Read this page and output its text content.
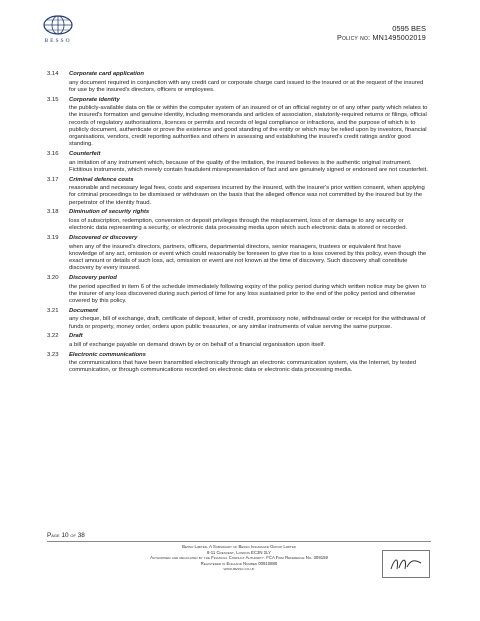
BESSO
0595 BES
Policy no: MN1495002019
3.14	Corporate card application
any document required in conjunction with any credit card or corporate charge card issued to the insured or at the request of the insured for use by the insured's directors, officers or employees.
3.15	Corporate identity
the publicly-available data on file or within the computer system of an insured or of an official registry or of any other party which relates to the insured's formation and genuine identity, including memoranda and articles of association, statutorily-required returns or filings, official records of regulatory authorisations, licences or permits and records of legal compliance or infractions, and the purpose of which is to publicly document, authenticate or prove the existence and good standing of the entity or which may be relied upon by investors, financial organisations, vendors, credit reporting authorities and others in assessing and establishing the insured's credit ratings and/or good standing.
3.16	Counterfeit
an imitation of any instrument which, because of the quality of the imitation, the insured believes is the authentic original instrument. Fictitious instruments, which merely contain fraudulent misrepresentation of fact and are genuinely signed or endorsed are not counterfeit.
3.17	Criminal defence costs
reasonable and necessary legal fees, costs and expenses incurred by the insured, with the insurer's prior written consent, when applying for criminal proceedings to be dismissed or withdrawn on the basis that the alleged offence was not committed by the insured but by the perpetrator of the identity fraud.
3.18	Diminution of security rights
loss of subscription, redemption, conversion or deposit privileges through the misplacement, loss of or damage to any security or electronic data representing a security, or electronic data processing media upon which such electronic data is stored or recorded.
3.19	Discovered or discovery
when any of the insured's directors, partners, officers, departmental directors, senior managers, trustees or equivalent first have knowledge of any act, omission or event which could reasonably be foreseen to give rise to a loss covered by this policy, even though the exact amount or details of such loss, act, omission or event are not known at the time of discovery. Such discovery shall constitute discovery by every insured.
3.20	Discovery period
the period specified in item 6 of the schedule immediately following expiry of the policy period during which written notice may be given to the insurer of any loss discovered during such period of time for any loss sustained prior to the end of the policy period and otherwise covered by this policy.
3.21	Document
any cheque, bill of exchange, draft, certificate of deposit, letter of credit, promissory note, withdrawal order or receipt for the withdrawal of funds or property, money order, orders upon public treasuries, or any similar instruments of value serving the same purpose.
3.22	Draft
a bill of exchange payable on demand drawn by or on behalf of a financial organisation upon itself.
3.23	Electronic communications
the communications that have been transmitted electronically through an electronic communication system, via the Internet, by tested communication, or through communications recorded on electronic data or electronic data processing media.
Page 10 of 38
Besso Limited. A Subsidiary of Besso Insurance Group Limited
8-11 Crescent, London EC3N 2LY
Authorised and regulated by the Financial Conduct Authority. FCA Firm Reference No. 309159
Registered in England Number 00910880
www.besso.co.uk
